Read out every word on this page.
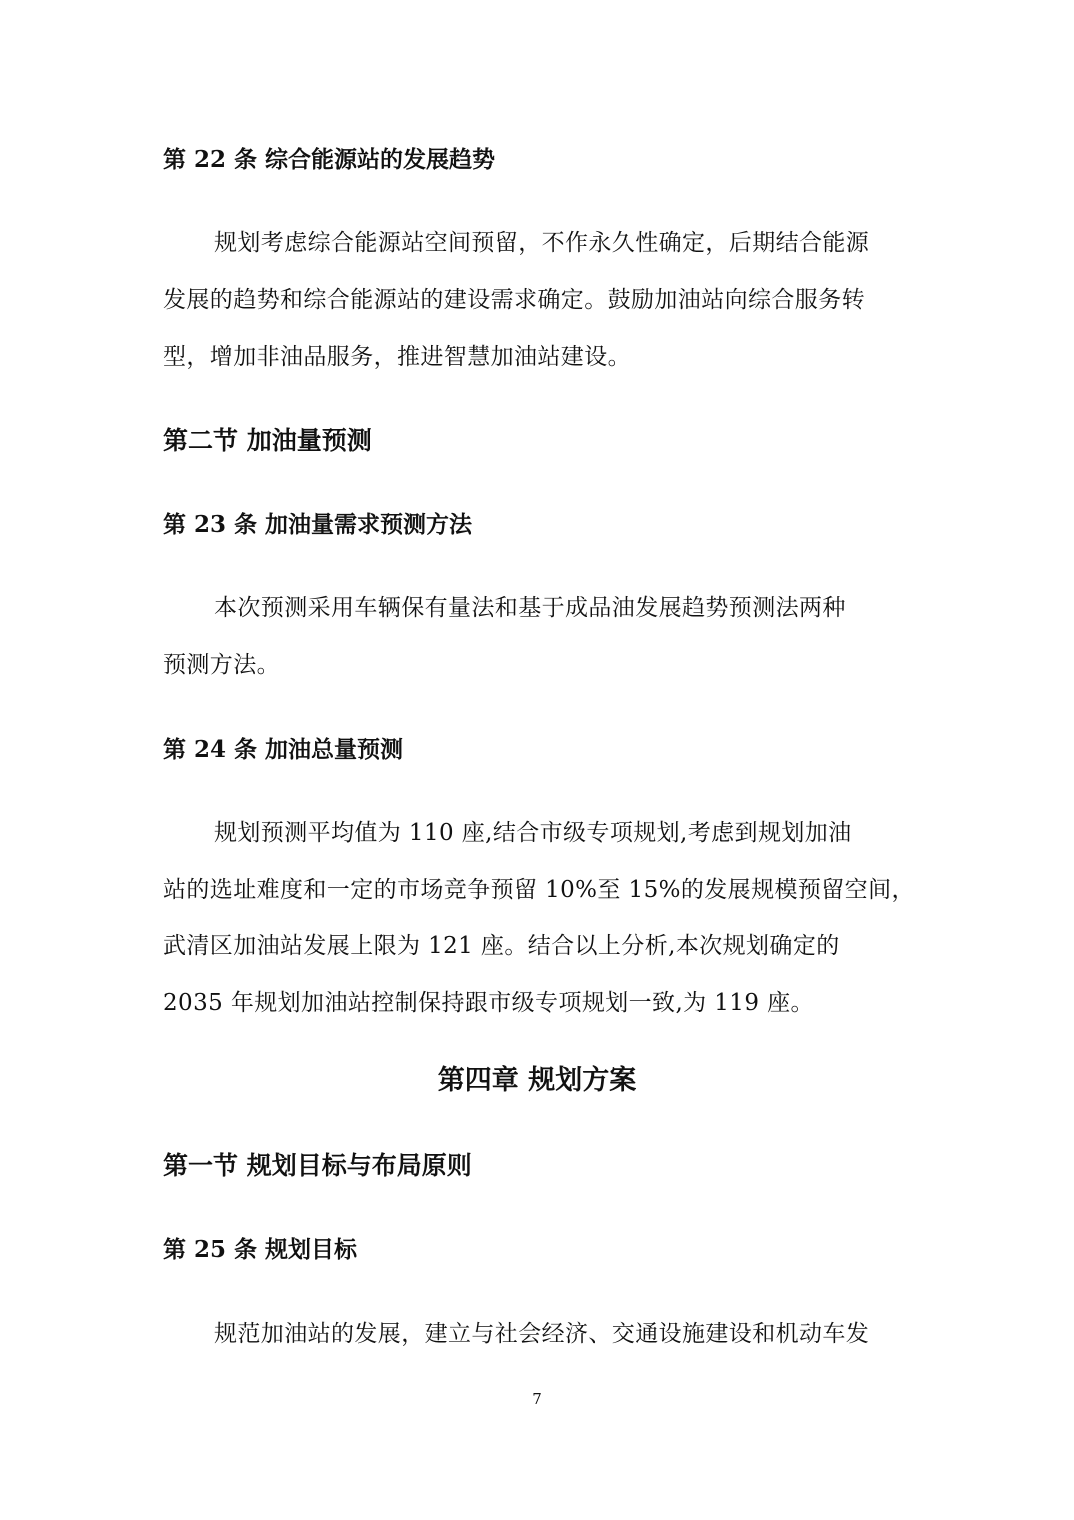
第 22 条 综合能源站的发展趋势
规划考虑综合能源站空间预留，不作永久性确定，后期结合能源
发展的趋势和综合能源站的建设需求确定。鼓励加油站向综合服务转
型，增加非油品服务，推进智慧加油站建设。
第二节 加油量预测
第 23 条 加油量需求预测方法
本次预测采用车辆保有量法和基于成品油发展趋势预测法两种
预测方法。
第 24 条 加油总量预测
规划预测平均值为 110 座,结合市级专项规划,考虑到规划加油
站的选址难度和一定的市场竞争预留 10%至 15%的发展规模预留空间，
武清区加油站发展上限为 121 座。结合以上分析,本次规划确定的
2035 年规划加油站控制保持跟市级专项规划一致,为 119 座。
第四章 规划方案
第一节 规划目标与布局原则
第 25 条 规划目标
规范加油站的发展，建立与社会经济、交通设施建设和机动车发
7
